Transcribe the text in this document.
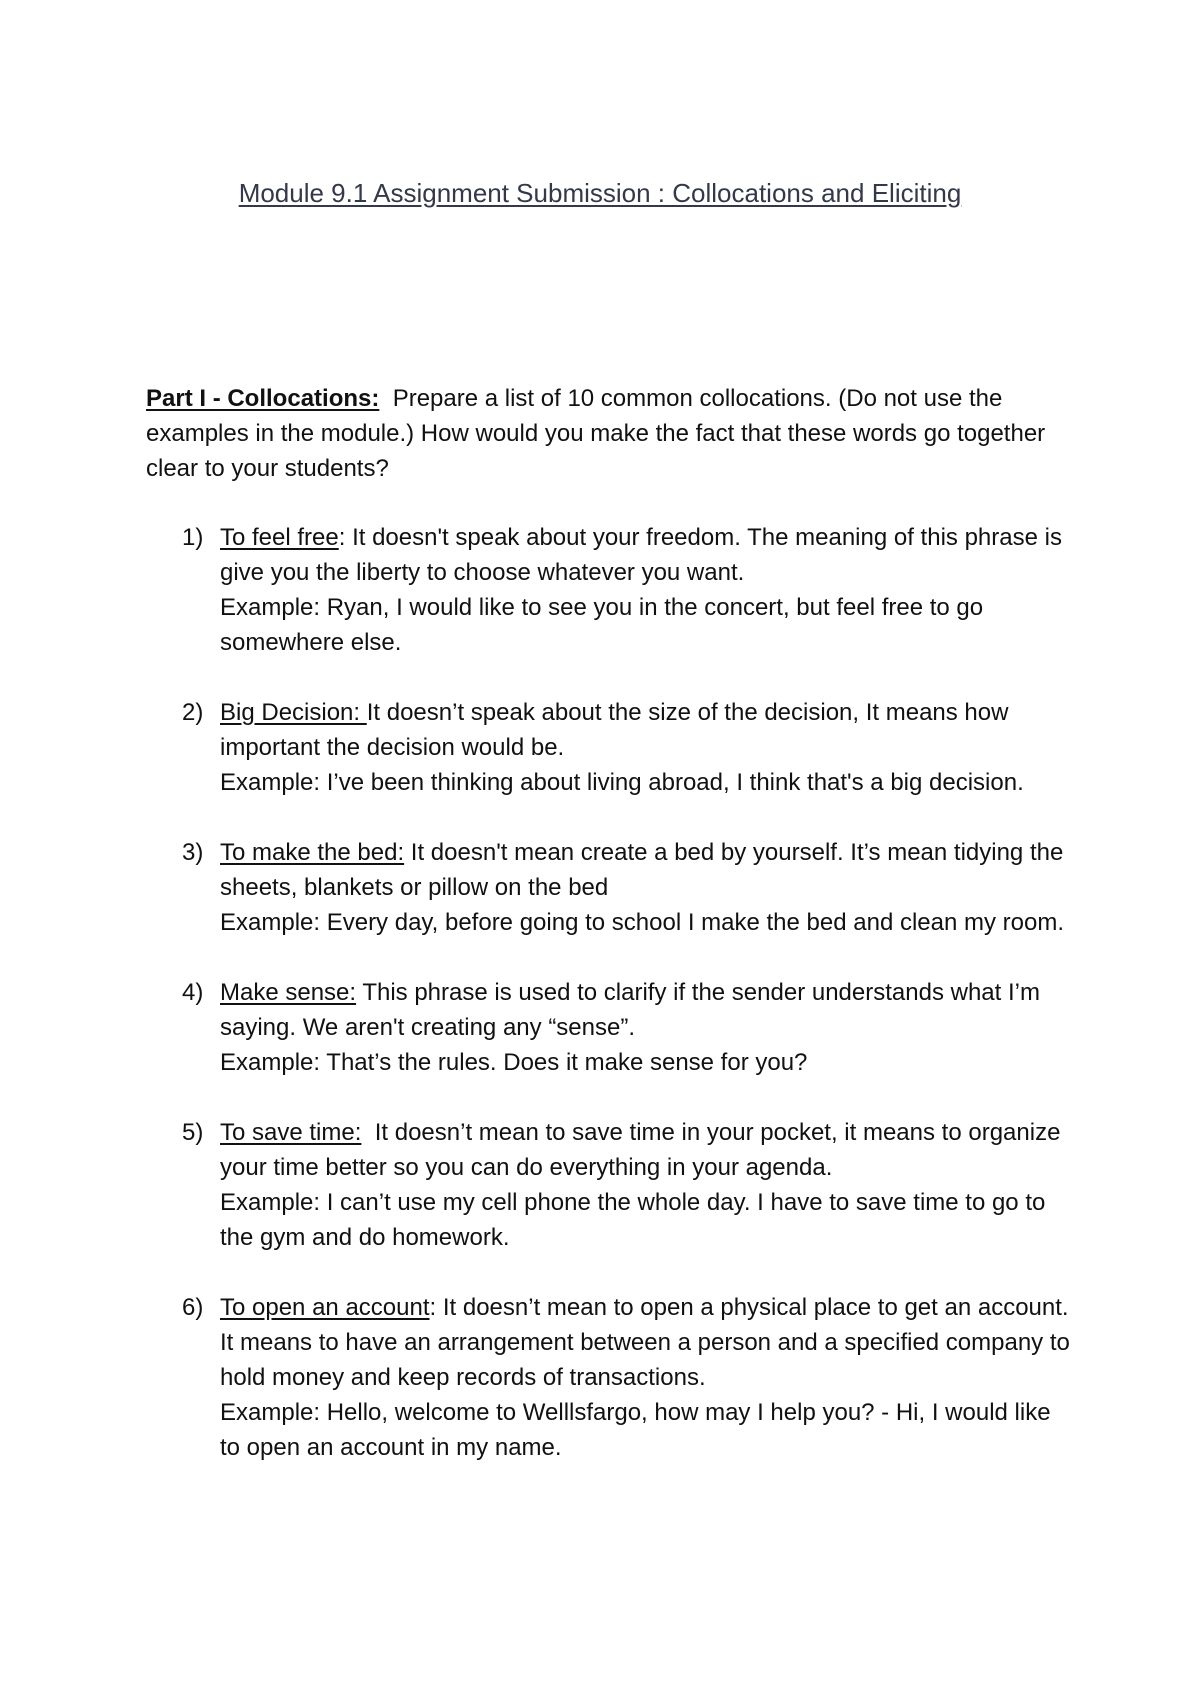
Module 9.1 Assignment Submission : Collocations and Eliciting

Part I - Collocations:  Prepare a list of 10 common collocations. (Do not use the examples in the module.) How would you make the fact that these words go together clear to your students?

1) To feel free: It doesn't speak about your freedom. The meaning of this phrase is give you the liberty to choose whatever you want.
Example: Ryan, I would like to see you in the concert, but feel free to go somewhere else.
2) Big Decision: It doesn’t speak about the size of the decision, It means how important the decision would be.
Example: I’ve been thinking about living abroad, I think that's a big decision.
3) To make the bed: It doesn't mean create a bed by yourself. It’s mean tidying the sheets, blankets or pillow on the bed
Example: Every day, before going to school I make the bed and clean my room.
4) Make sense: This phrase is used to clarify if the sender understands what I’m saying. We aren't creating any “sense”.
Example: That’s the rules. Does it make sense for you?
5) To save time:  It doesn’t mean to save time in your pocket, it means to organize your time better so you can do everything in your agenda.
Example: I can’t use my cell phone the whole day. I have to save time to go to the gym and do homework.
6) To open an account: It doesn’t mean to open a physical place to get an account. It means to have an arrangement between a person and a specified company to hold money and keep records of transactions.
Example: Hello, welcome to Welllsfargo, how may I help you? - Hi, I would like to open an account in my name.
